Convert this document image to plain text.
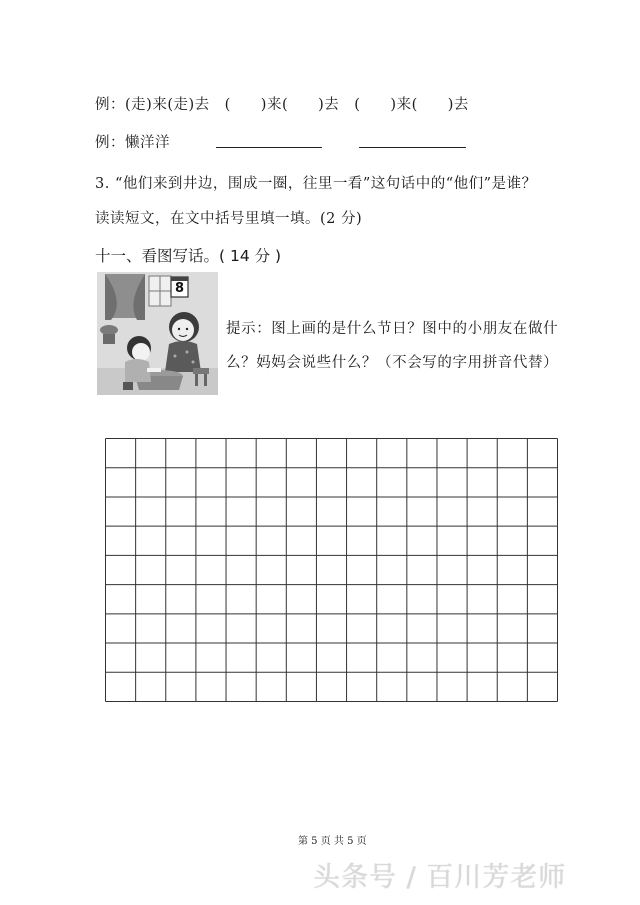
例：(走)来(走)去　(　　)来(　　)去　(　　)来(　　)去
例：懒洋洋
3. “他们来到井边，围成一圈，往里一看”这句话中的“他们”是谁？
读读短文，在文中括号里填一填。(2 分)
十一、看图写话。( 14 分 )
8
提示：图上画的是什么节日？图中的小朋友在做什么？妈妈会说些什么？（不会写的字用拼音代替）
第 5 页 共 5 页
头条号 / 百川芳老师
